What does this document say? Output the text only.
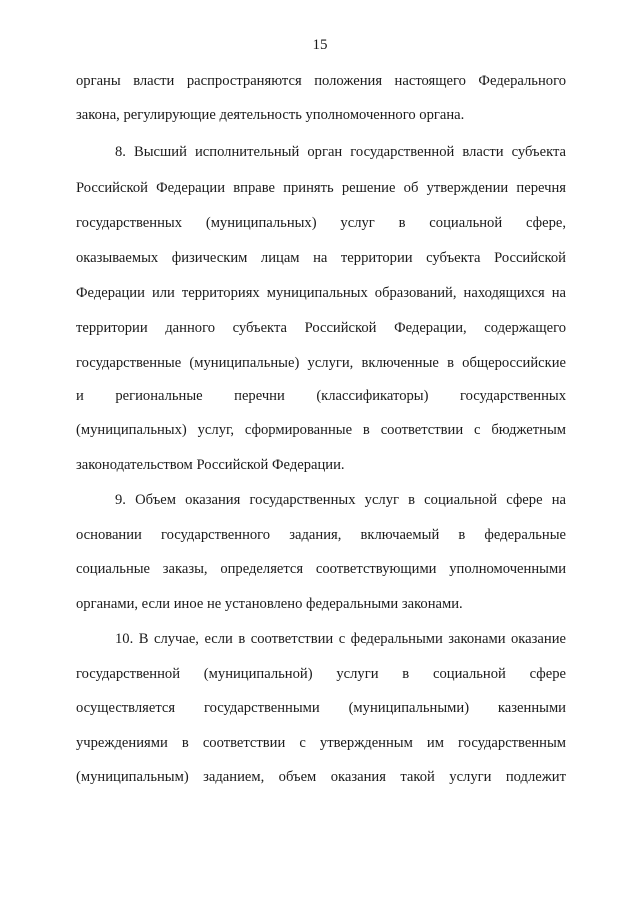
15
органы власти распространяются положения настоящего Федерального
закона, регулирующие деятельность уполномоченного органа.
8. Высший исполнительный орган государственной власти субъекта
Российской Федерации вправе принять решение об утверждении перечня
государственных (муниципальных) услуг в социальной сфере,
оказываемых физическим лицам на территории субъекта Российской
Федерации или территориях муниципальных образований, находящихся на
территории данного субъекта Российской Федерации, содержащего
государственные (муниципальные) услуги, включенные в общероссийские
и региональные перечни (классификаторы) государственных
(муниципальных) услуг, сформированные в соответствии с бюджетным
законодательством Российской Федерации.
9. Объем оказания государственных услуг в социальной сфере на
основании государственного задания, включаемый в федеральные
социальные заказы, определяется соответствующими уполномоченными
органами, если иное не установлено федеральными законами.
10. В случае, если в соответствии с федеральными законами оказание
государственной (муниципальной) услуги в социальной сфере
осуществляется государственными (муниципальными) казенными
учреждениями в соответствии с утвержденным им государственным
(муниципальным) заданием, объем оказания такой услуги подлежит
